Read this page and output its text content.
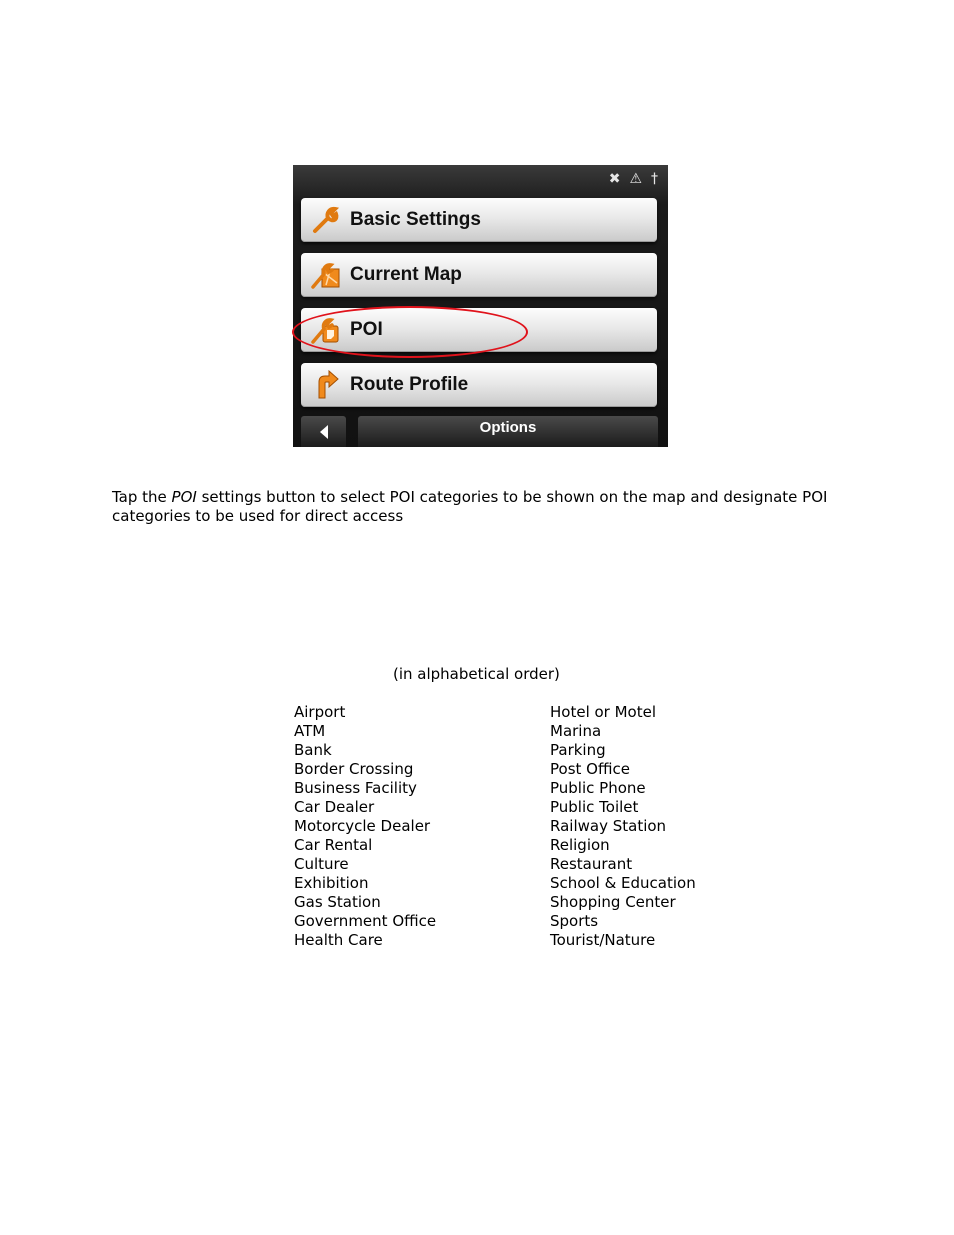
✖ ⚠ †
Basic Settings
Current Map
POI
Route Profile
Options

Tap the POI settings button to select POI categories to be shown on the map and designate POI categories to be used for direct access

(in alphabetical order)
Airport
ATM
Bank
Border Crossing
Business Facility
Car Dealer
Motorcycle Dealer
Car Rental
Culture
Exhibition
Gas Station
Government Office
Health Care
Hotel or Motel
Marina
Parking
Post Office
Public Phone
Public Toilet
Railway Station
Religion
Restaurant
School & Education
Shopping Center
Sports
Tourist/Nature
